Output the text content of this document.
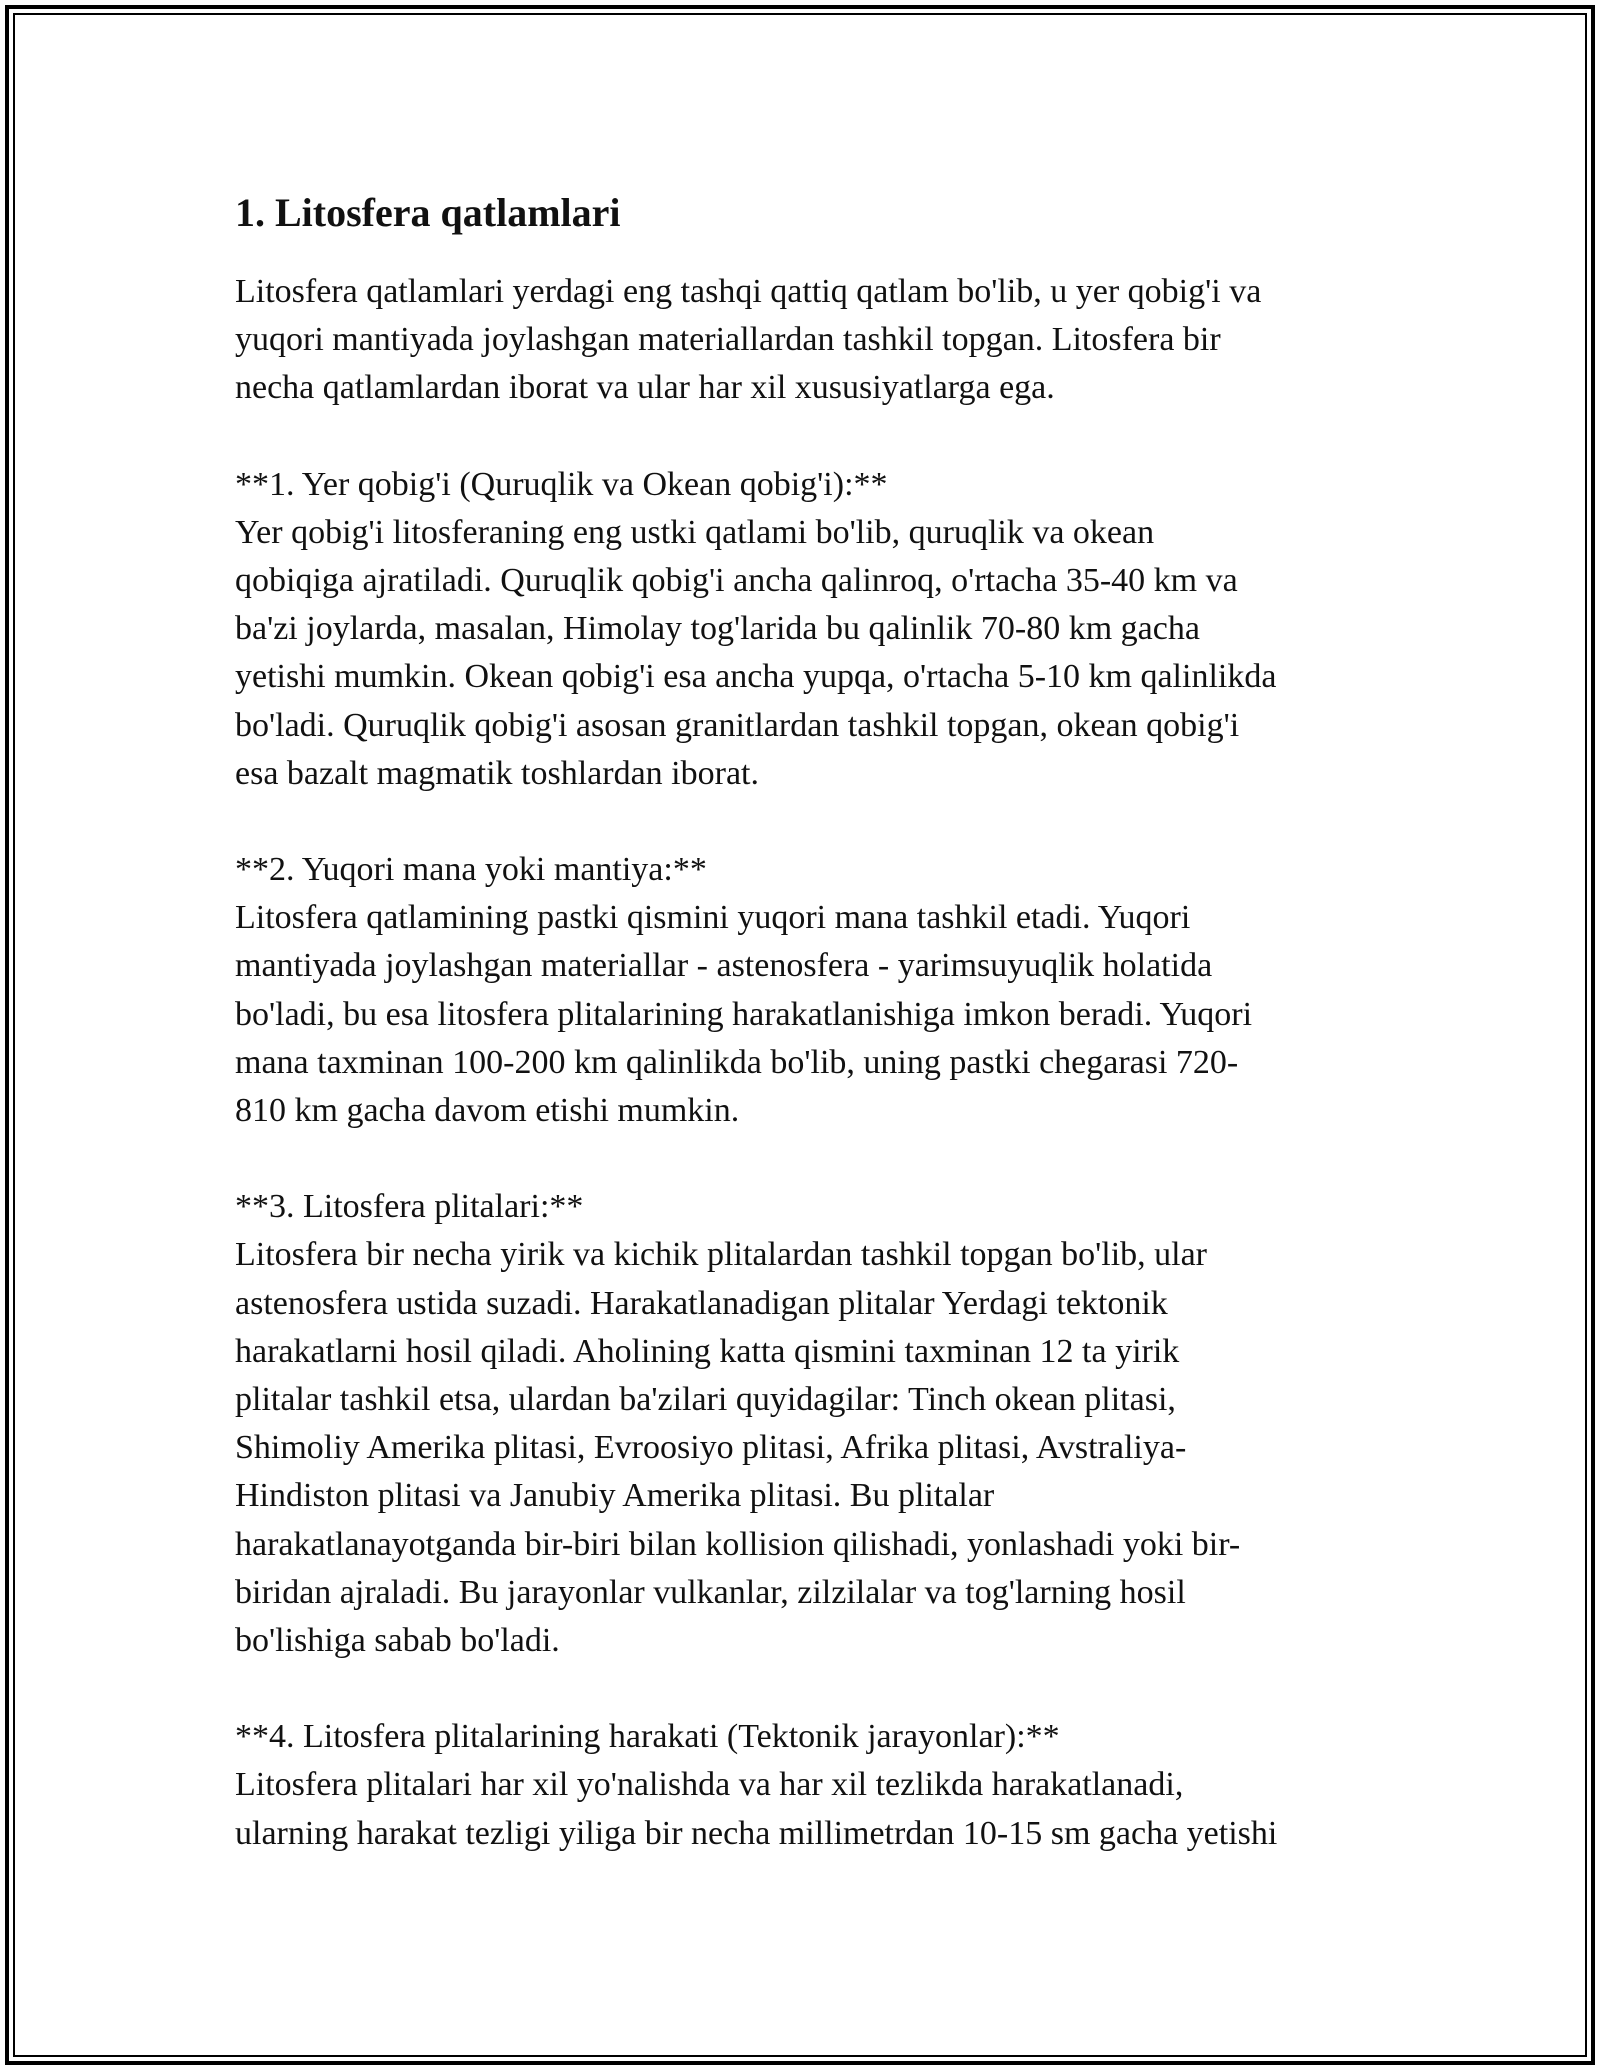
1. Litosfera qatlamlari

Litosfera qatlamlari yerdagi eng tashqi qattiq qatlam bo'lib, u yer qobig'i va
yuqori mantiyada joylashgan materiallardan tashkil topgan. Litosfera bir
necha qatlamlardan iborat va ular har xil xususiyatlarga ega.

**1. Yer qobig'i (Quruqlik va Okean qobig'i):**
Yer qobig'i litosferaning eng ustki qatlami bo'lib, quruqlik va okean
qobiqiga ajratiladi. Quruqlik qobig'i ancha qalinroq, o'rtacha 35-40 km va
ba'zi joylarda, masalan, Himolay tog'larida bu qalinlik 70-80 km gacha
yetishi mumkin. Okean qobig'i esa ancha yupqa, o'rtacha 5-10 km qalinlikda
bo'ladi. Quruqlik qobig'i asosan granitlardan tashkil topgan, okean qobig'i
esa bazalt magmatik toshlardan iborat.

**2. Yuqori mana yoki mantiya:**
Litosfera qatlamining pastki qismini yuqori mana tashkil etadi. Yuqori
mantiyada joylashgan materiallar - astenosfera - yarimsuyuqlik holatida
bo'ladi, bu esa litosfera plitalarining harakatlanishiga imkon beradi. Yuqori
mana taxminan 100-200 km qalinlikda bo'lib, uning pastki chegarasi 720-
810 km gacha davom etishi mumkin.

**3. Litosfera plitalari:**
Litosfera bir necha yirik va kichik plitalardan tashkil topgan bo'lib, ular
astenosfera ustida suzadi. Harakatlanadigan plitalar Yerdagi tektonik
harakatlarni hosil qiladi. Aholining katta qismini taxminan 12 ta yirik
plitalar tashkil etsa, ulardan ba'zilari quyidagilar: Tinch okean plitasi,
Shimoliy Amerika plitasi, Evroosiyo plitasi, Afrika plitasi, Avstraliya-
Hindiston plitasi va Janubiy Amerika plitasi. Bu plitalar
harakatlanayotganda bir-biri bilan kollision qilishadi, yonlashadi yoki bir-
biridan ajraladi. Bu jarayonlar vulkanlar, zilzilalar va tog'larning hosil
bo'lishiga sabab bo'ladi.

**4. Litosfera plitalarining harakati (Tektonik jarayonlar):**
Litosfera plitalari har xil yo'nalishda va har xil tezlikda harakatlanadi,
ularning harakat tezligi yiliga bir necha millimetrdan 10-15 sm gacha yetishi
